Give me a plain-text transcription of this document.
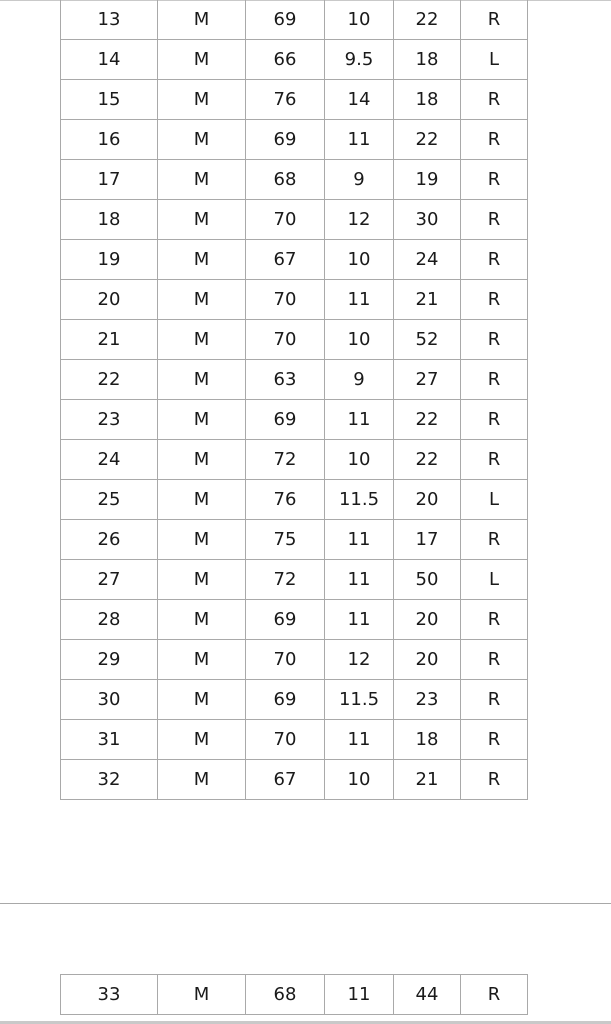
13	M	69	10	22	R
14	M	66	9.5	18	L
15	M	76	14	18	R
16	M	69	11	22	R
17	M	68	9	19	R
18	M	70	12	30	R
19	M	67	10	24	R
20	M	70	11	21	R
21	M	70	10	52	R
22	M	63	9	27	R
23	M	69	11	22	R
24	M	72	10	22	R
25	M	76	11.5	20	L
26	M	75	11	17	R
27	M	72	11	50	L
28	M	69	11	20	R
29	M	70	12	20	R
30	M	69	11.5	23	R
31	M	70	11	18	R
32	M	67	10	21	R
33	M	68	11	44	R
